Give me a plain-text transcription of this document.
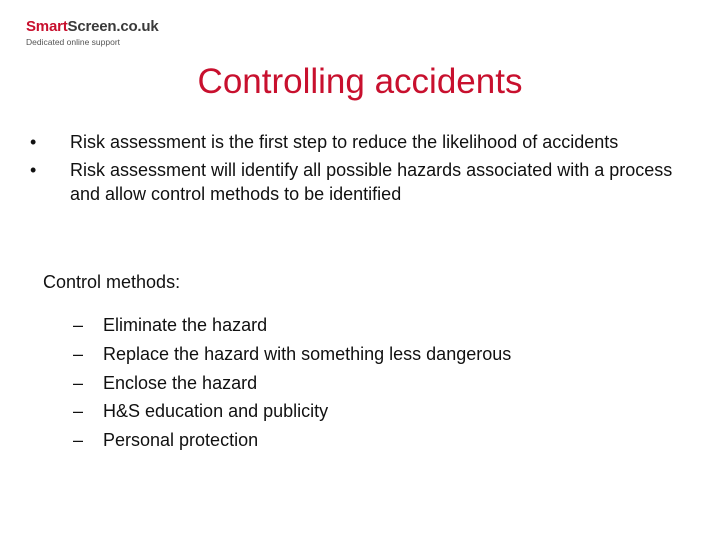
SmartScreen.co.uk
Dedicated online support
Controlling accidents
• Risk assessment is the first step to reduce the likelihood of accidents
• Risk assessment will identify all possible hazards associated with a process and allow control methods to be identified
Control methods:
– Eliminate the hazard
– Replace the hazard with something less dangerous
– Enclose the hazard
– H&S education and publicity
– Personal protection
